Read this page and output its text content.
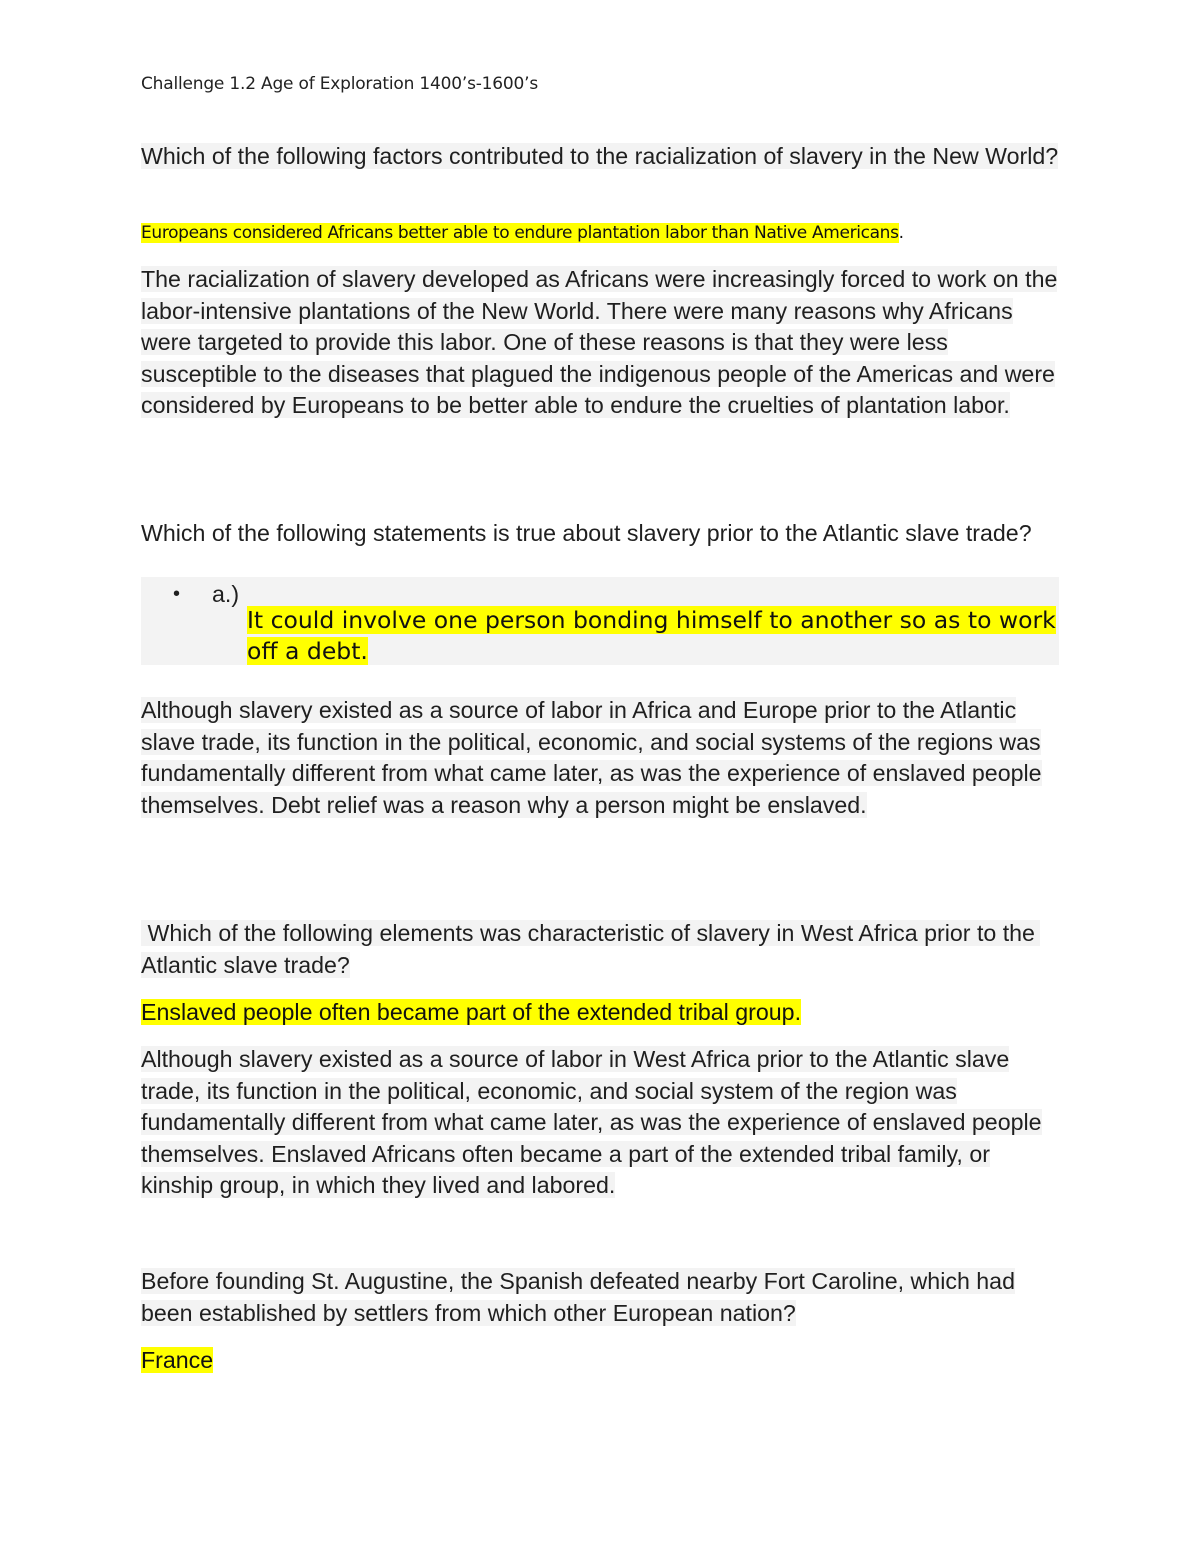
Challenge 1.2 Age of Exploration 1400’s-1600’s
Which of the following factors contributed to the racialization of slavery in the New World?
Europeans considered Africans better able to endure plantation labor than Native Americans.
The racialization of slavery developed as Africans were increasingly forced to work on the labor-intensive plantations of the New World. There were many reasons why Africans were targeted to provide this labor. One of these reasons is that they were less susceptible to the diseases that plagued the indigenous people of the Americas and were considered by Europeans to be better able to endure the cruelties of plantation labor.
Which of the following statements is true about slavery prior to the Atlantic slave trade?
• a.)
It could involve one person bonding himself to another so as to work off a debt.
Although slavery existed as a source of labor in Africa and Europe prior to the Atlantic slave trade, its function in the political, economic, and social systems of the regions was fundamentally different from what came later, as was the experience of enslaved people themselves. Debt relief was a reason why a person might be enslaved.
Which of the following elements was characteristic of slavery in West Africa prior to the Atlantic slave trade?
Enslaved people often became part of the extended tribal group.
Although slavery existed as a source of labor in West Africa prior to the Atlantic slave trade, its function in the political, economic, and social system of the region was fundamentally different from what came later, as was the experience of enslaved people themselves. Enslaved Africans often became a part of the extended tribal family, or kinship group, in which they lived and labored.
Before founding St. Augustine, the Spanish defeated nearby Fort Caroline, which had been established by settlers from which other European nation?
France
